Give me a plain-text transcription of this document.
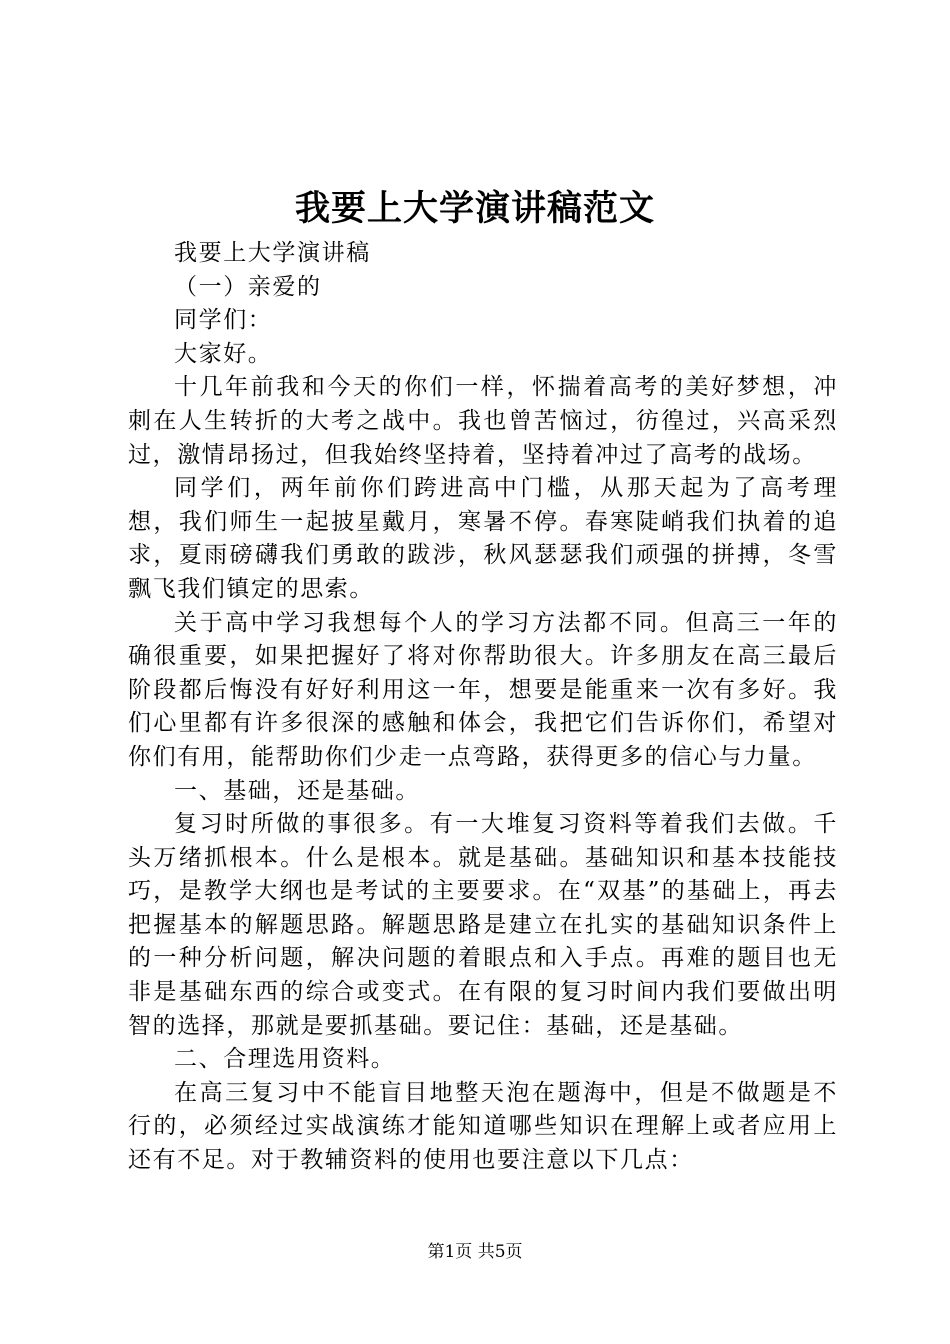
我要上大学演讲稿范文

我要上大学演讲稿

（一）亲爱的

同学们：

大家好。

十几年前我和今天的你们一样，怀揣着高考的美好梦想，冲刺在人生转折的大考之战中。我也曾苦恼过，彷徨过，兴高采烈过，激情昂扬过，但我始终坚持着，坚持着冲过了高考的战场。

同学们，两年前你们跨进高中门槛，从那天起为了高考理想，我们师生一起披星戴月，寒暑不停。春寒陡峭我们执着的追求，夏雨磅礴我们勇敢的跋涉，秋风瑟瑟我们顽强的拼搏，冬雪飘飞我们镇定的思索。

关于高中学习我想每个人的学习方法都不同。但高三一年的确很重要，如果把握好了将对你帮助很大。许多朋友在高三最后阶段都后悔没有好好利用这一年，想要是能重来一次有多好。我们心里都有许多很深的感触和体会，我把它们告诉你们，希望对你们有用，能帮助你们少走一点弯路，获得更多的信心与力量。

一、基础，还是基础。

复习时所做的事很多。有一大堆复习资料等着我们去做。千头万绪抓根本。什么是根本。就是基础。基础知识和基本技能技巧，是教学大纲也是考试的主要要求。在“双基”的基础上，再去把握基本的解题思路。解题思路是建立在扎实的基础知识条件上的一种分析问题，解决问题的着眼点和入手点。再难的题目也无非是基础东西的综合或变式。在有限的复习时间内我们要做出明智的选择，那就是要抓基础。要记住：基础，还是基础。

二、合理选用资料。

在高三复习中不能盲目地整天泡在题海中，但是不做题是不行的，必须经过实战演练才能知道哪些知识在理解上或者应用上还有不足。对于教辅资料的使用也要注意以下几点：

第1页 共5页
